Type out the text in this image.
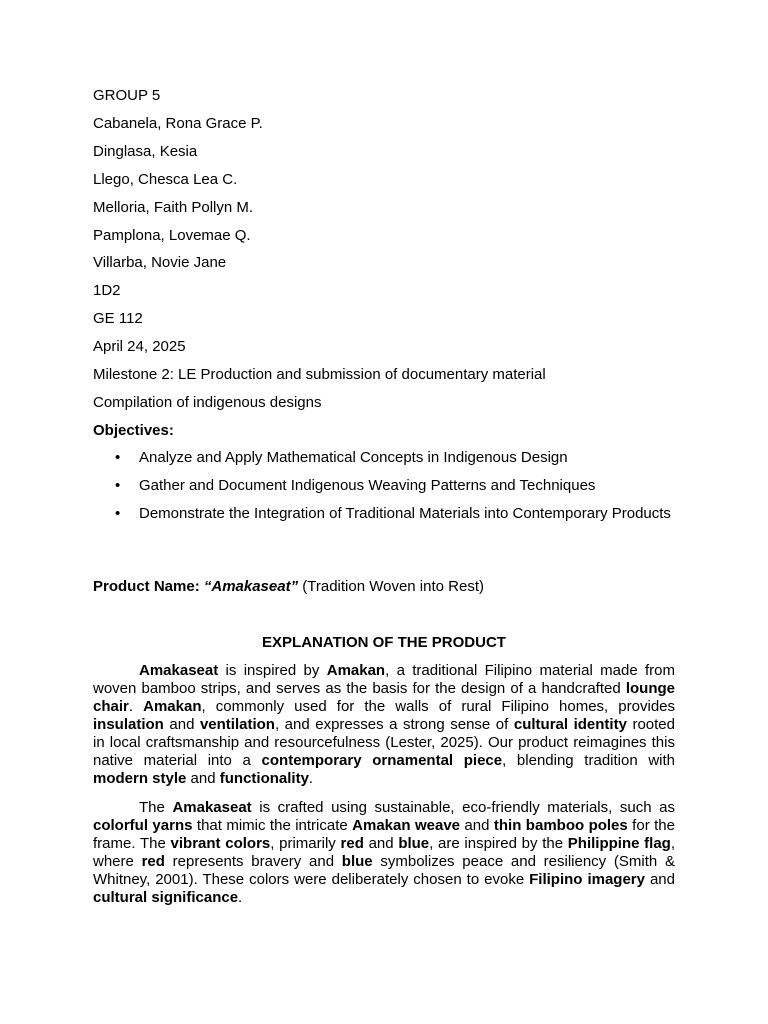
GROUP 5
Cabanela, Rona Grace P.
Dinglasa, Kesia
Llego, Chesca Lea C.
Melloria, Faith Pollyn M.
Pamplona, Lovemae Q.
Villarba, Novie Jane
1D2
GE 112
April 24, 2025
Milestone 2: LE Production and submission of documentary material
Compilation of indigenous designs
Objectives:
• Analyze and Apply Mathematical Concepts in Indigenous Design
• Gather and Document Indigenous Weaving Patterns and Techniques
• Demonstrate the Integration of Traditional Materials into Contemporary Products
Product Name: “Amakaseat” (Tradition Woven into Rest)
EXPLANATION OF THE PRODUCT
Amakaseat is inspired by Amakan, a traditional Filipino material made from woven bamboo strips, and serves as the basis for the design of a handcrafted lounge chair. Amakan, commonly used for the walls of rural Filipino homes, provides insulation and ventilation, and expresses a strong sense of cultural identity rooted in local craftsmanship and resourcefulness (Lester, 2025). Our product reimagines this native material into a contemporary ornamental piece, blending tradition with modern style and functionality.
The Amakaseat is crafted using sustainable, eco-friendly materials, such as colorful yarns that mimic the intricate Amakan weave and thin bamboo poles for the frame. The vibrant colors, primarily red and blue, are inspired by the Philippine flag, where red represents bravery and blue symbolizes peace and resiliency (Smith & Whitney, 2001). These colors were deliberately chosen to evoke Filipino imagery and cultural significance.
